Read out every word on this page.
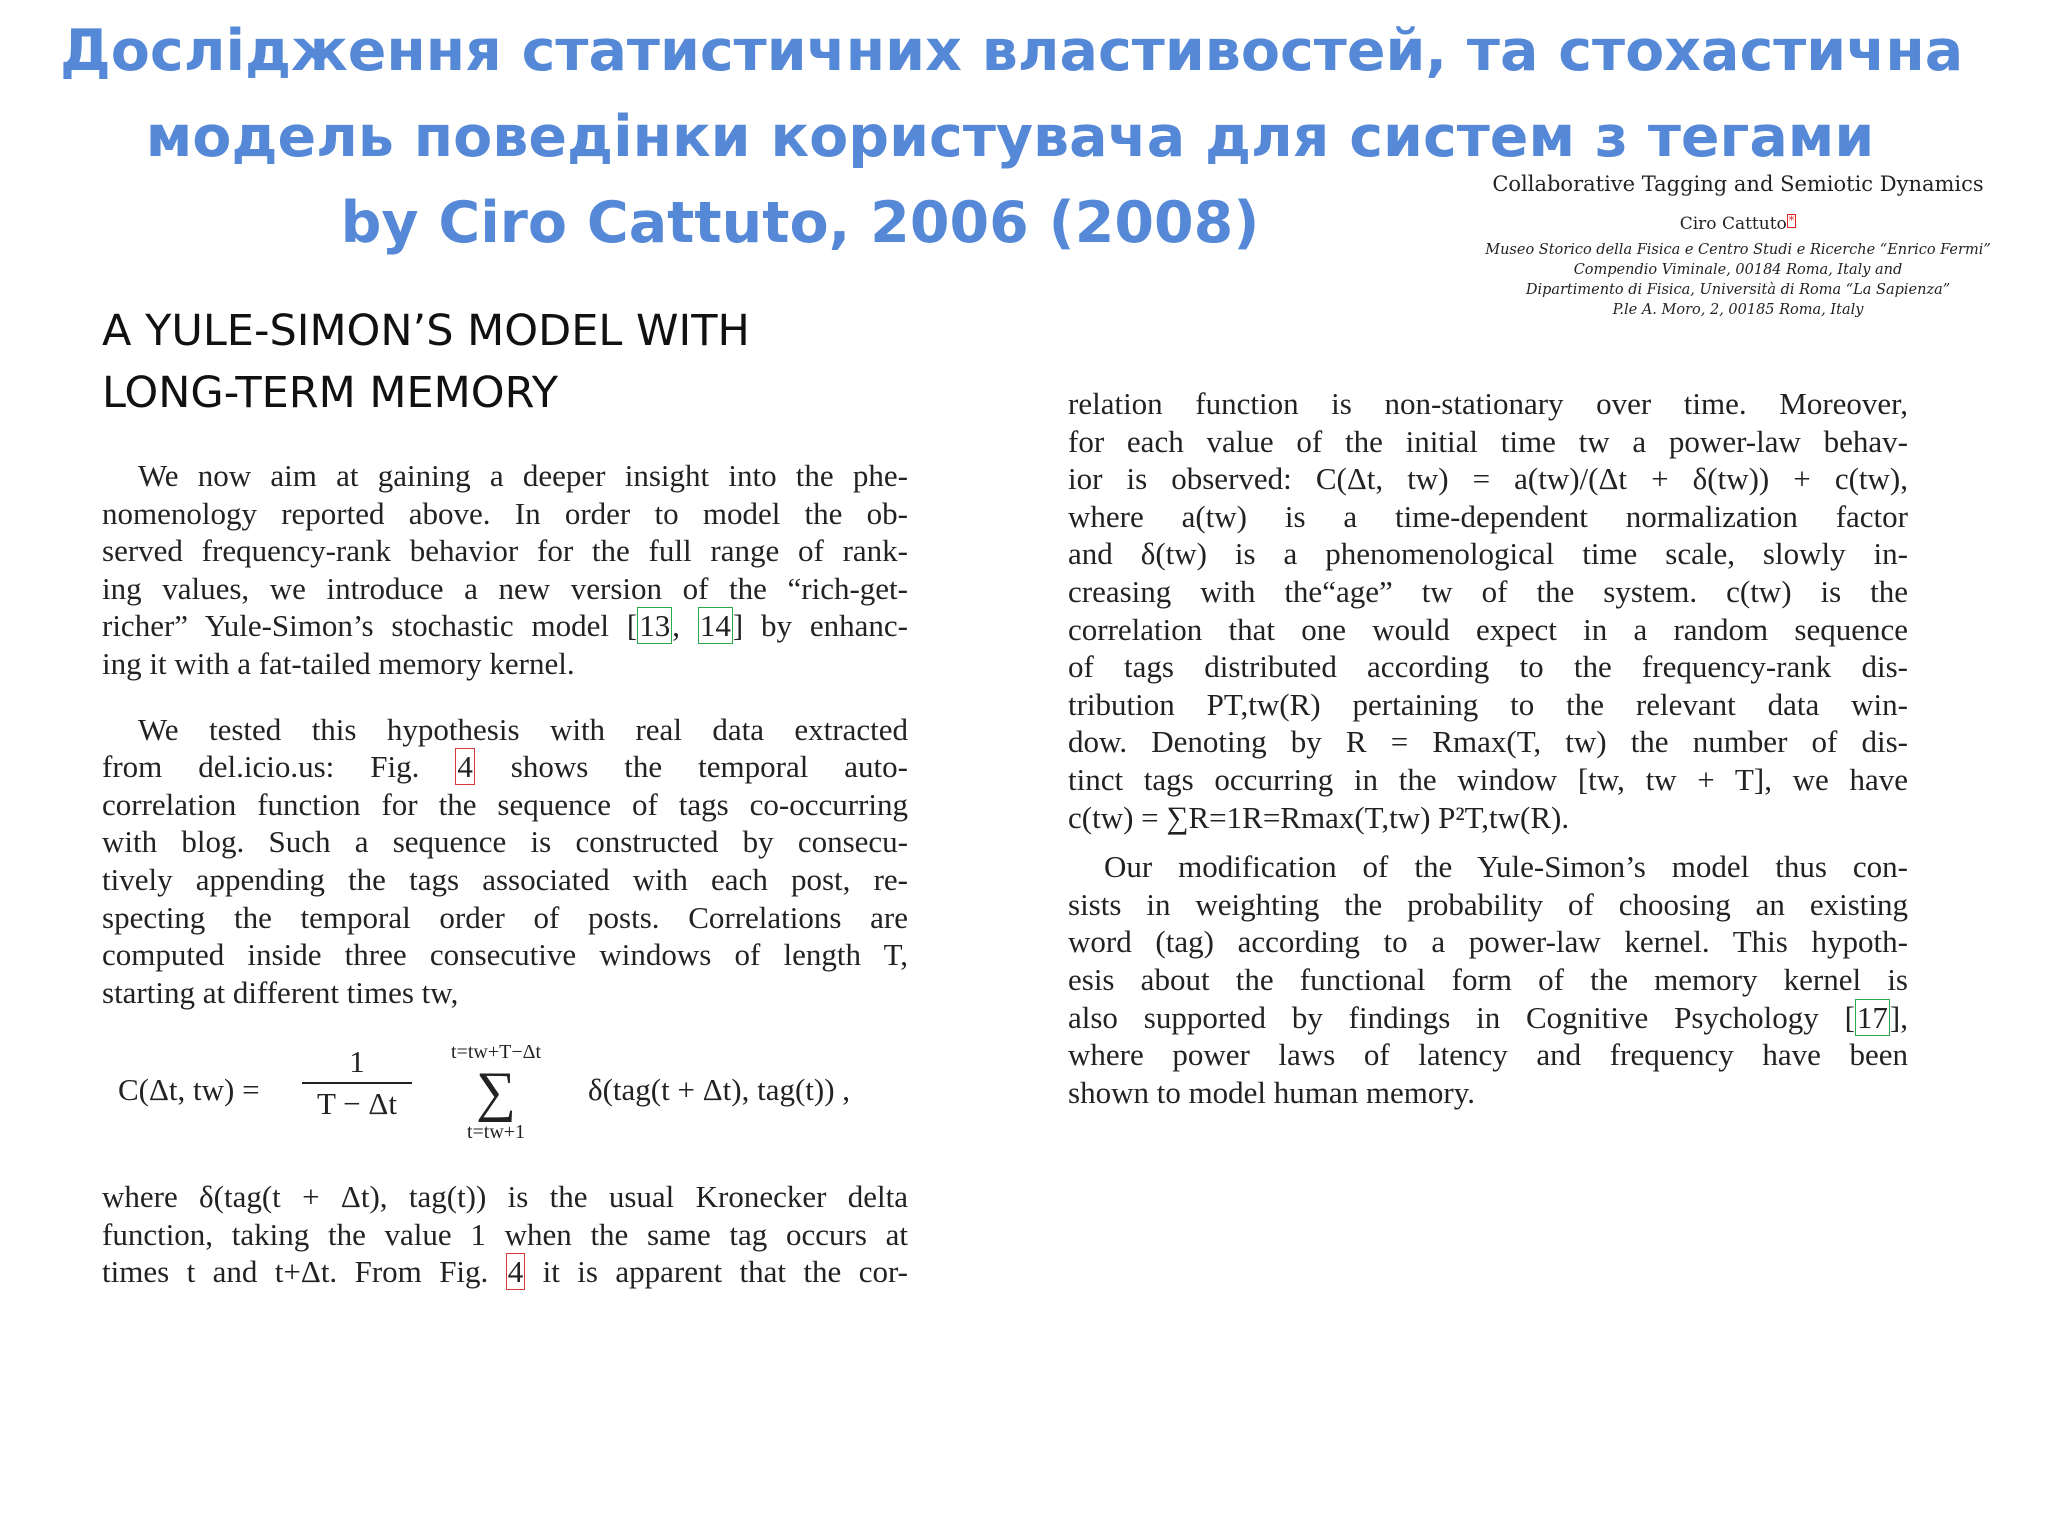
Дослідження статистичних властивостей, та стохастична
модель поведінки користувача для систем з тегами
by Ciro Cattuto, 2006 (2008)
Collaborative Tagging and Semiotic Dynamics
Ciro Cattuto *
Museo Storico della Fisica e Centro Studi e Ricerche “Enrico Fermi”
Compendio Viminale, 00184 Roma, Italy and
Dipartimento di Fisica, Università di Roma “La Sapienza”
P.le A. Moro, 2, 00185 Roma, Italy
A YULE-SIMON’S MODEL WITH
LONG-TERM MEMORY
We now aim at gaining a deeper insight into the phe-
nomenology reported above. In order to model the ob-
served frequency-rank behavior for the full range of rank-
ing values, we introduce a new version of the “rich-get-
richer” Yule-Simon’s stochastic model [13, 14] by enhanc-
ing it with a fat-tailed memory kernel.
We tested this hypothesis with real data extracted
from del.icio.us: Fig. 4 shows the temporal auto-
correlation function for the sequence of tags co-occurring
with blog. Such a sequence is constructed by consecu-
tively appending the tags associated with each post, re-
specting the temporal order of posts. Correlations are
computed inside three consecutive windows of length T,
starting at different times tw,
C(Δt, $tw) = \frac{1}{T - \Delta t}$	t=tw+T−Δt
∑
t=tw+1
δ(tag(t + Δt), tag(t)) ,
where δ(tag(t + Δt), tag(t)) is the usual Kronecker delta
function, taking the value 1 when the same tag occurs at
times t and t+Δt. From Fig. 4 it is apparent that the cor-
relation function is non-stationary over time. Moreover,
for each value of the initial time tw a power-law behav-
ior is observed: C(Δt, tw) = a(tw)/(Δt + δ(tw)) + c(tw),
where a(tw) is a time-dependent normalization factor
and δ(tw) is a phenomenological time scale, slowly in-
creasing with the“age” tw of the system. c(tw) is the
correlation that one would expect in a random sequence
of tags distributed according to the frequency-rank dis-
tribution PT,tw(R) pertaining to the relevant data win-
dow. Denoting by R = Rmax(T, tw) the number of dis-
tinct tags occurring in the window [tw, tw + T], we have
c(tw) = ∑R=1R=Rmax(T,tw) P²T,tw(R).
Our modification of the Yule-Simon’s model thus con-
sists in weighting the probability of choosing an existing
word (tag) according to a power-law kernel. This hypoth-
esis about the functional form of the memory kernel is
also supported by findings in Cognitive Psychology [17],
where power laws of latency and frequency have been
shown to model human memory.
